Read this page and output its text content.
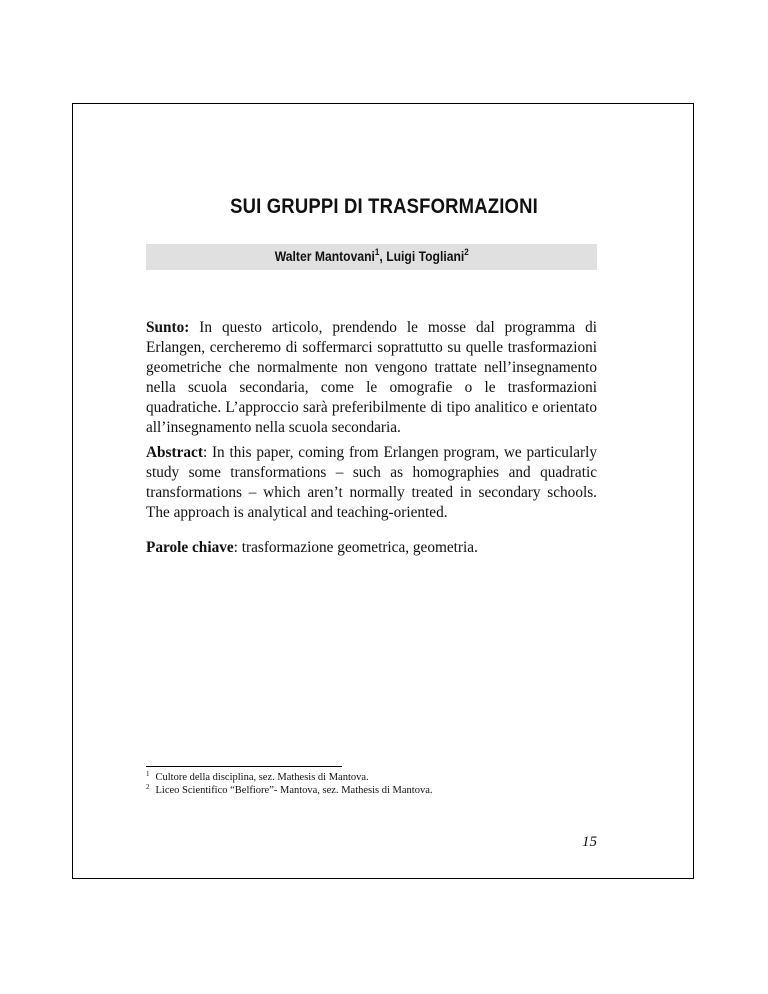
SUI GRUPPI DI TRASFORMAZIONI
Walter Mantovani$^1$, Luigi Togliani$^2$

Sunto: In questo articolo, prendendo le mosse dal programma di Erlangen, cercheremo di soffermarci soprattutto su quelle trasformazioni geometriche che normalmente non vengono trattate nell’insegnamento nella scuola secondaria, come le omografie o le trasformazioni quadratiche. L’approccio sarà preferibilmente di tipo analitico e orientato all’insegnamento nella scuola secondaria.

Abstract: In this paper, coming from Erlangen program, we particularly study some transformations – such as homographies and quadratic transformations – which aren’t normally treated in secondary schools. The approach is analytical and teaching-oriented.

Parole chiave: trasformazione geometrica, geometria.

$^1$ Cultore della disciplina, sez. Mathesis di Mantova.

$^2$ Liceo Scientifico “Belfiore”- Mantova, sez. Mathesis di Mantova.

15
